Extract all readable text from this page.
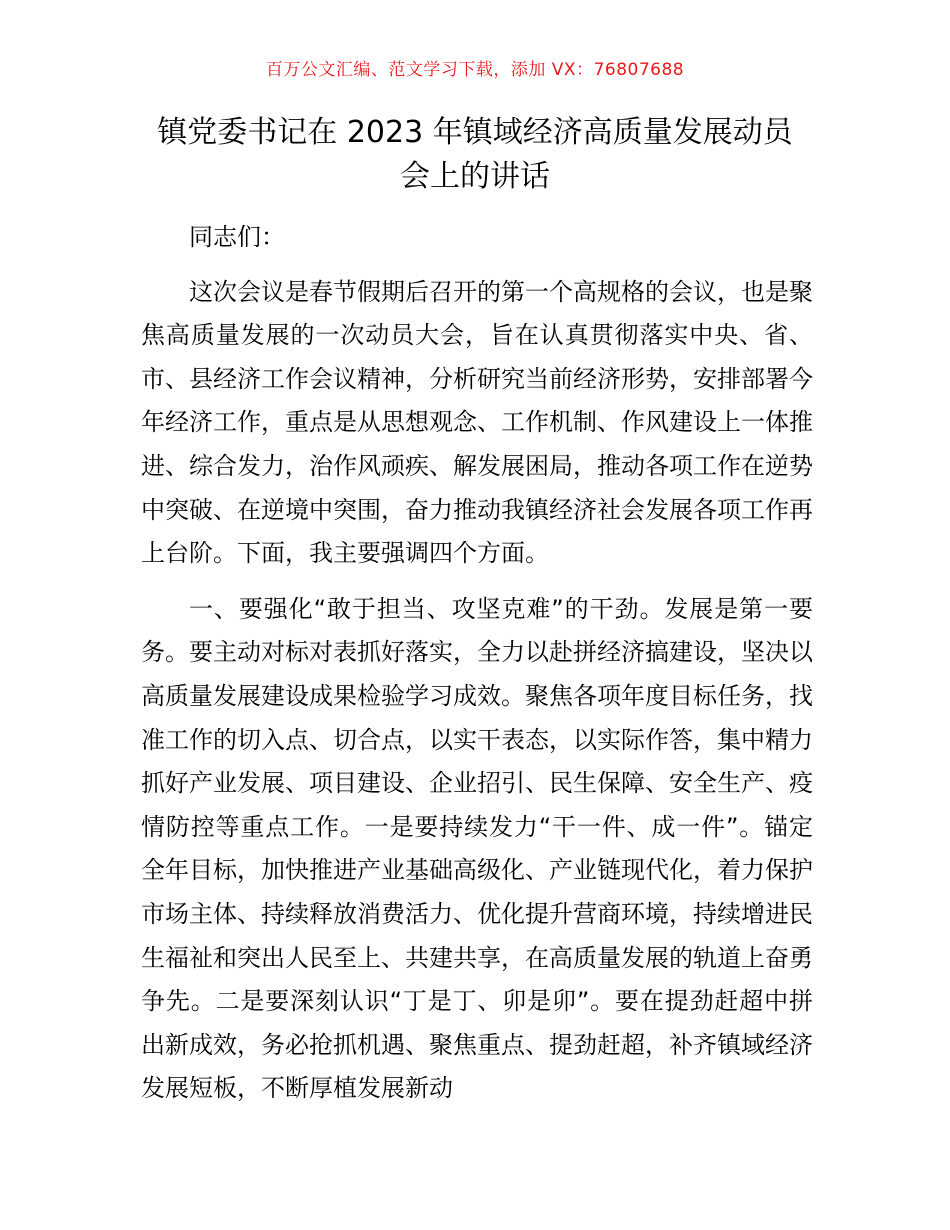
百万公文汇编、范文学习下载，添加 VX：76807688
镇党委书记在 2023 年镇域经济高质量发展动员
会上的讲话

同志们：

这次会议是春节假期后召开的第一个高规格的会议，也是聚焦高质量发展的一次动员大会，旨在认真贯彻落实中央、省、市、县经济工作会议精神，分析研究当前经济形势，安排部署今年经济工作，重点是从思想观念、工作机制、作风建设上一体推进、综合发力，治作风顽疾、解发展困局，推动各项工作在逆势中突破、在逆境中突围，奋力推动我镇经济社会发展各项工作再上台阶。下面，我主要强调四个方面。

一、要强化“敢于担当、攻坚克难”的干劲。发展是第一要务。要主动对标对表抓好落实，全力以赴拼经济搞建设，坚决以高质量发展建设成果检验学习成效。聚焦各项年度目标任务，找准工作的切入点、切合点，以实干表态，以实际作答，集中精力抓好产业发展、项目建设、企业招引、民生保障、安全生产、疫情防控等重点工作。一是要持续发力“干一件、成一件”。锚定全年目标，加快推进产业基础高级化、产业链现代化，着力保护市场主体、持续释放消费活力、优化提升营商环境，持续增进民生福祉和突出人民至上、共建共享，在高质量发展的轨道上奋勇争先。二是要深刻认识“丁是丁、卯是卯”。要在提劲赶超中拼出新成效，务必抢抓机遇、聚焦重点、提劲赶超，补齐镇域经济发展短板，不断厚植发展新动
